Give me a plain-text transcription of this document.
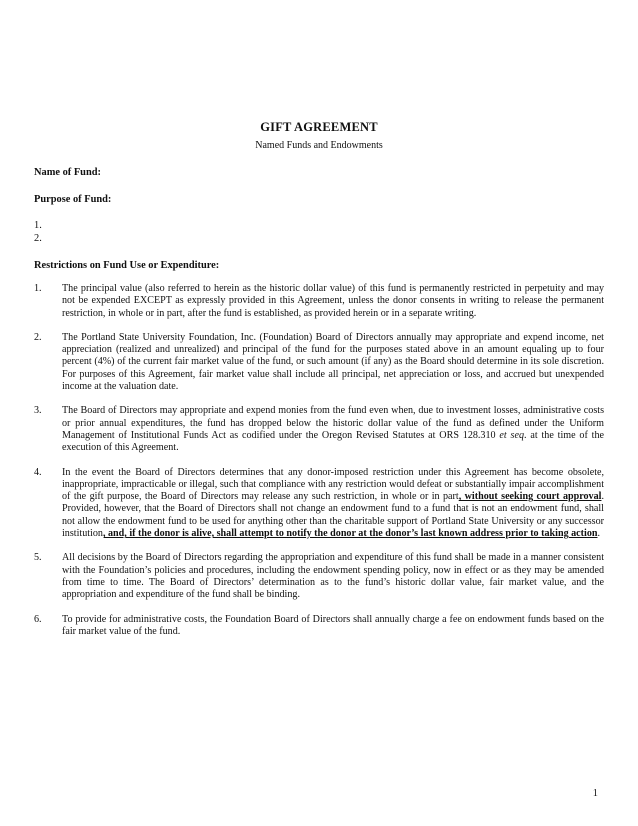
GIFT AGREEMENT
Named Funds and Endowments
Name of Fund:
Purpose of Fund:
1.
2.
Restrictions on Fund Use or Expenditure:
1. The principal value (also referred to herein as the historic dollar value) of this fund is permanently restricted in perpetuity and may not be expended EXCEPT as expressly provided in this Agreement, unless the donor consents in writing to release the permanent restriction, in whole or in part, after the fund is established, as provided herein or in a separate writing.
2. The Portland State University Foundation, Inc. (Foundation) Board of Directors annually may appropriate and expend income, net appreciation (realized and unrealized) and principal of the fund for the purposes stated above in an amount equaling up to four percent (4%) of the current fair market value of the fund, or such amount (if any) as the Board should determine in its sole discretion. For purposes of this Agreement, fair market value shall include all principal, net appreciation or loss, and accrued but unexpended income at the valuation date.
3. The Board of Directors may appropriate and expend monies from the fund even when, due to investment losses, administrative costs or prior annual expenditures, the fund has dropped below the historic dollar value of the fund as defined under the Uniform Management of Institutional Funds Act as codified under the Oregon Revised Statutes at ORS 128.310 et seq. at the time of the execution of this Agreement.
4. In the event the Board of Directors determines that any donor-imposed restriction under this Agreement has become obsolete, inappropriate, impracticable or illegal, such that compliance with any restriction would defeat or substantially impair accomplishment of the gift purpose, the Board of Directors may release any such restriction, in whole or in part, without seeking court approval. Provided, however, that the Board of Directors shall not change an endowment fund to a fund that is not an endowment fund, shall not allow the endowment fund to be used for anything other than the charitable support of Portland State University or any successor institution, and, if the donor is alive, shall attempt to notify the donor at the donor’s last known address prior to taking action.
5. All decisions by the Board of Directors regarding the appropriation and expenditure of this fund shall be made in a manner consistent with the Foundation’s policies and procedures, including the endowment spending policy, now in effect or as they may be amended from time to time. The Board of Directors’ determination as to the fund’s historic dollar value, fair market value, and the appropriation and expenditure of the fund shall be binding.
6. To provide for administrative costs, the Foundation Board of Directors shall annually charge a fee on endowment funds based on the fair market value of the fund.
1
